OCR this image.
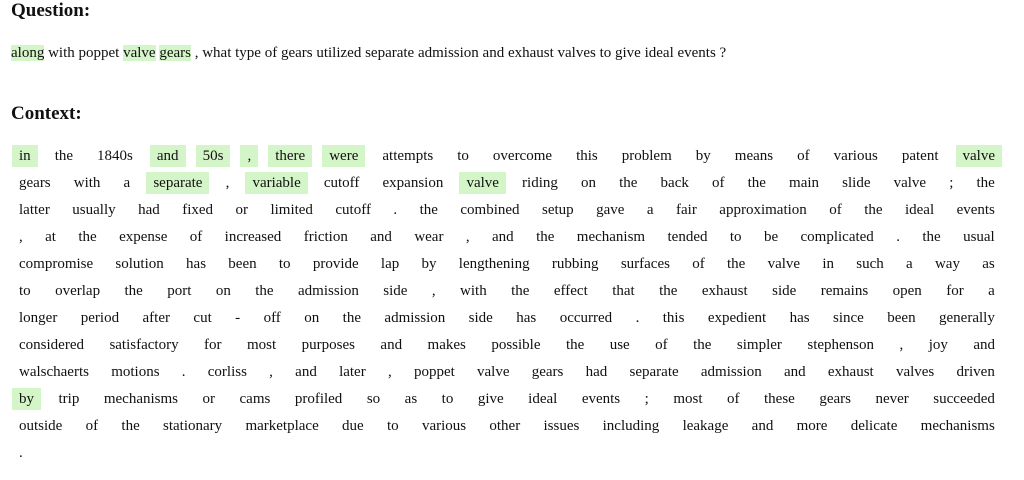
Question:
along with poppet valve gears , what type of gears utilized separate admission and exhaust valves to give ideal events ?
Context:
in	the	1840s	and	50s	,	there	were	attempts	to	overcome	this	problem	by	means	of	various	patent	valve
gears	with	a	separate	,	variable	cutoff	expansion	valve	riding	on	the	back	of	the	main	slide	valve	;	the
latter	usually	had	fixed	or	limited	cutoff	.	the	combined	setup	gave	a	fair	approximation	of	the	ideal	events
,	at	the	expense	of	increased	friction	and	wear	,	and	the	mechanism	tended	to	be	complicated	.	the	usual
compromise	solution	has	been	to	provide	lap	by	lengthening	rubbing	surfaces	of	the	valve	in	such	a	way	as
to	overlap	the	port	on	the	admission	side	,	with	the	effect	that	the	exhaust	side	remains	open	for	a
longer	period	after	cut	-	off	on	the	admission	side	has	occurred	.	this	expedient	has	since	been	generally
considered	satisfactory	for	most	purposes	and	makes	possible	the	use	of	the	simpler	stephenson	,	joy	and
walschaerts	motions	.	corliss	,	and	later	,	poppet	valve	gears	had	separate	admission	and	exhaust	valves	driven
by	trip	mechanisms	or	cams	profiled	so	as	to	give	ideal	events	;	most	of	these	gears	never	succeeded
outside	of	the	stationary	marketplace	due	to	various	other	issues	including	leakage	and	more	delicate	mechanisms
.
